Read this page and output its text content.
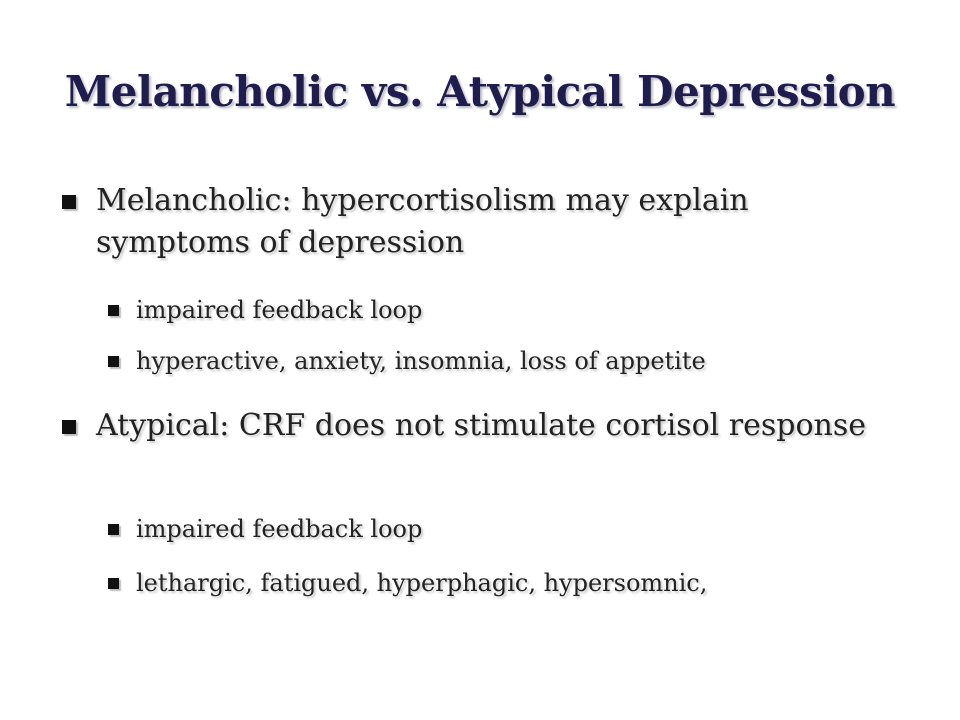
Melancholic vs. Atypical Depression
Melancholic: hypercortisolism may explain symptoms of depression
impaired feedback loop
hyperactive, anxiety, insomnia, loss of appetite
Atypical: CRF does not stimulate cortisol response
impaired feedback loop
lethargic, fatigued, hyperphagic, hypersomnic,
